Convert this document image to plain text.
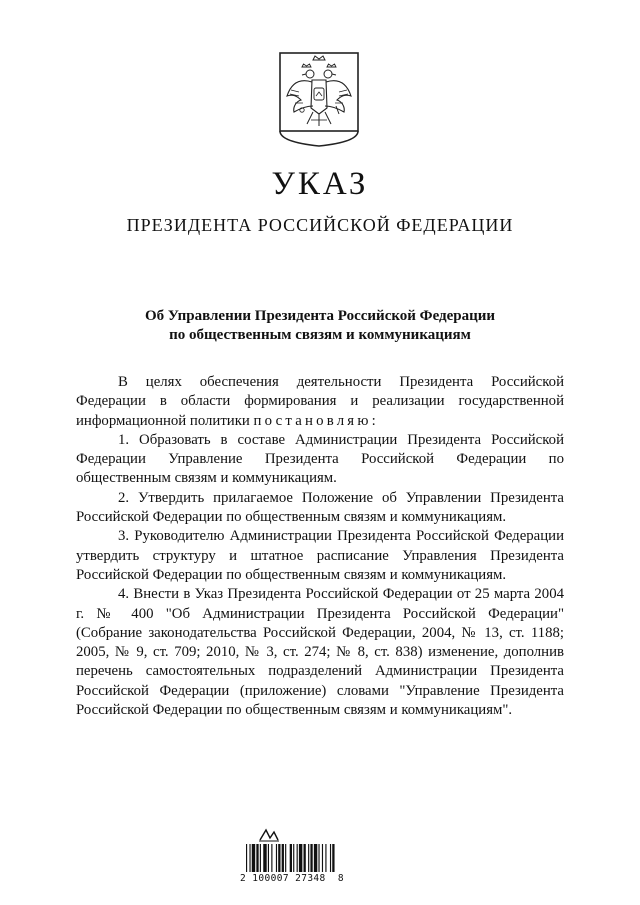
УКАЗ
ПРЕЗИДЕНТА РОССИЙСКОЙ ФЕДЕРАЦИИ
Об Управлении Президента Российской Федерации
по общественным связям и коммуникациям

В целях обеспечения деятельности Президента Российской Федерации в области формирования и реализации государственной информационной политики постановляю:

1. Образовать в составе Администрации Президента Российской Федерации Управление Президента Российской Федерации по общественным связям и коммуникациям.

2. Утвердить прилагаемое Положение об Управлении Президента Российской Федерации по общественным связям и коммуникациям.

3. Руководителю Администрации Президента Российской Федерации утвердить структуру и штатное расписание Управления Президента Российской Федерации по общественным связям и коммуникациям.

4. Внести в Указ Президента Российской Федерации от 25 марта 2004 г. № 400 "Об Администрации Президента Российской Федерации" (Собрание законодательства Российской Федерации, 2004, № 13, ст. 1188; 2005, № 9, ст. 709; 2010, № 3, ст. 274; № 8, ст. 838) изменение, дополнив перечень самостоятельных подразделений Администрации Президента Российской Федерации (приложение) словами "Управление Президента Российской Федерации по общественным связям и коммуникациям".

2 100007 27348  8
